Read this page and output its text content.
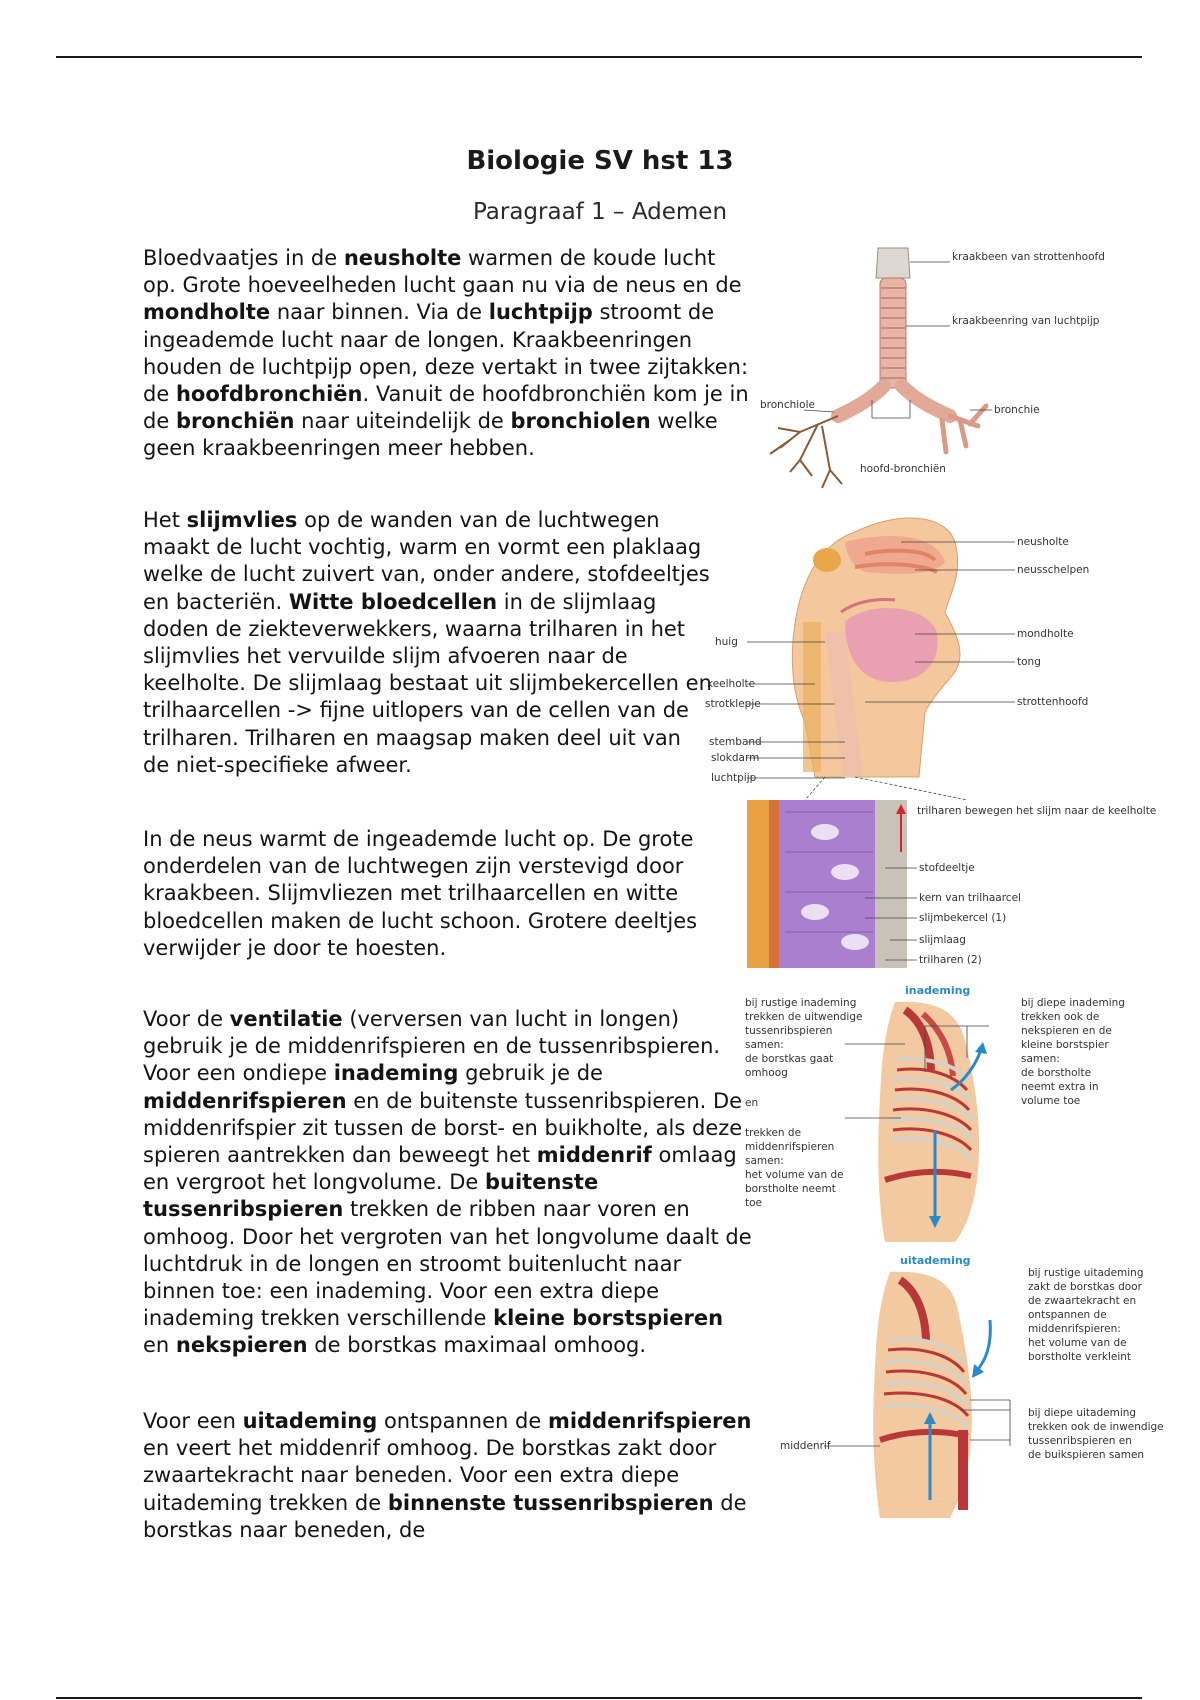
Biologie SV hst 13
Paragraaf 1 – Ademen

Bloedvaatjes in de neusholte warmen de koude lucht op. Grote hoeveelheden lucht gaan nu via de neus en de mondholte naar binnen. Via de luchtpijp stroomt de ingeademde lucht naar de longen. Kraakbeenringen houden de luchtpijp open, deze vertakt in twee zijtakken: de hoofdbronchiën. Vanuit de hoofdbronchiën kom je in de bronchiën naar uiteindelijk de bronchiolen welke geen kraakbeenringen meer hebben.

Het slijmvlies op de wanden van de luchtwegen maakt de lucht vochtig, warm en vormt een plaklaag welke de lucht zuivert van, onder andere, stofdeeltjes en bacteriën. Witte bloedcellen in de slijmlaag doden de ziekteverwekkers, waarna trilharen in het slijmvlies het vervuilde slijm afvoeren naar de keelholte. De slijmlaag bestaat uit slijmbekercellen en trilhaarcellen -> fijne uitlopers van de cellen van de trilharen. Trilharen en maagsap maken deel uit van de niet-specifieke afweer.

In de neus warmt de ingeademde lucht op. De grote onderdelen van de luchtwegen zijn verstevigd door kraakbeen. Slijmvliezen met trilhaarcellen en witte bloedcellen maken de lucht schoon. Grotere deeltjes verwijder je door te hoesten.

Voor de ventilatie (verversen van lucht in longen) gebruik je de middenrifspieren en de tussenribspieren. Voor een ondiepe inademing gebruik je de middenrifspieren en de buitenste tussenribspieren. De middenrifspier zit tussen de borst- en buikholte, als deze spieren aantrekken dan beweegt het middenrif omlaag en vergroot het longvolume. De buitenste tussenribspieren trekken de ribben naar voren en omhoog. Door het vergroten van het longvolume daalt de luchtdruk in de longen en stroomt buitenlucht naar binnen toe: een inademing. Voor een extra diepe inademing trekken verschillende kleine borstspieren en nekspieren de borstkas maximaal omhoog.

Voor een uitademing ontspannen de middenrifspieren en veert het middenrif omhoog. De borstkas zakt door zwaartekracht naar beneden. Voor een extra diepe uitademing trekken de binnenste tussenribspieren de borstkas naar beneden, de

kraakbeen van strottenhoofd
kraakbeenring van luchtpijp
bronchiole	bronchie
hoofd-bronchiën
neusholte
neusschelpen
mondholte
tong
strottenhoofd
huig
keelholte
strotklepje
stemband
slokdarm
luchtpijp
trilharen bewegen het slijm naar de keelholte
stofdeeltje
kern van trilhaarcel
slijmbekercel (1)
slijmlaag
trilharen (2)
inademing
bij rustige inademing trekken de uitwendige tussenribspieren samen: de borstkas gaat omhoog en trekken de middenrifspieren samen: het volume van de borstholte neemt toe
bij diepe inademing trekken ook de nekspieren en de kleine borstspier samen: de borstholte neemt extra in volume toe
uitademing
middenrif
bij rustige uitademing zakt de borstkas door de zwaartekracht en ontspannen de middenrifspieren: het volume van de borstholte verkleint
bij diepe uitademing trekken ook de inwendige tussenribspieren en de buikspieren samen
